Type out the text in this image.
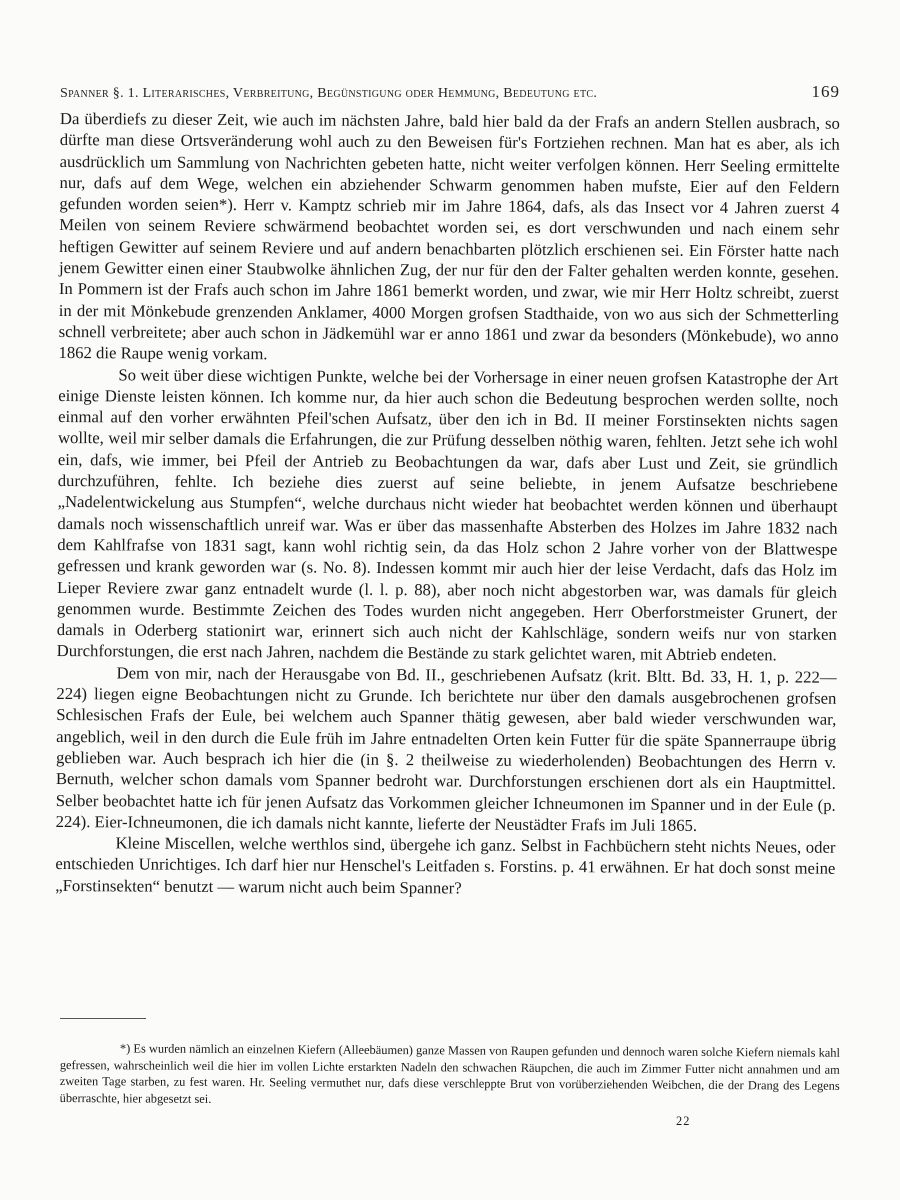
Spanner §. 1. Literarisches, Verbreitung, Begünstigung oder Hemmung, Bedeutung etc.	169

Da überdiefs zu dieser Zeit, wie auch im nächsten Jahre, bald hier bald da der Frafs an andern Stellen ausbrach, so dürfte man diese Ortsveränderung wohl auch zu den Beweisen für's Fortziehen rechnen. Man hat es aber, als ich ausdrücklich um Sammlung von Nachrichten gebeten hatte, nicht weiter verfolgen können. Herr Seeling ermittelte nur, dafs auf dem Wege, welchen ein abziehender Schwarm genommen haben mufste, Eier auf den Feldern gefunden worden seien*). Herr v. Kamptz schrieb mir im Jahre 1864, dafs, als das Insect vor 4 Jahren zuerst 4 Meilen von seinem Reviere schwärmend beobachtet worden sei, es dort verschwunden und nach einem sehr heftigen Gewitter auf seinem Reviere und auf andern benachbarten plötzlich erschienen sei. Ein Förster hatte nach jenem Gewitter einen einer Staubwolke ähnlichen Zug, der nur für den der Falter gehalten werden konnte, gesehen. In Pommern ist der Frafs auch schon im Jahre 1861 bemerkt worden, und zwar, wie mir Herr Holtz schreibt, zuerst in der mit Mönkebude grenzenden Anklamer, 4000 Morgen grofsen Stadthaide, von wo aus sich der Schmetterling schnell verbreitete; aber auch schon in Jädkemühl war er anno 1861 und zwar da besonders (Mönkebude), wo anno 1862 die Raupe wenig vorkam.

So weit über diese wichtigen Punkte, welche bei der Vorhersage in einer neuen grofsen Katastrophe der Art einige Dienste leisten können. Ich komme nur, da hier auch schon die Bedeutung besprochen werden sollte, noch einmal auf den vorher erwähnten Pfeil'schen Aufsatz, über den ich in Bd. II meiner Forstinsekten nichts sagen wollte, weil mir selber damals die Erfahrungen, die zur Prüfung desselben nöthig waren, fehlten. Jetzt sehe ich wohl ein, dafs, wie immer, bei Pfeil der Antrieb zu Beobachtungen da war, dafs aber Lust und Zeit, sie gründlich durchzuführen, fehlte. Ich beziehe dies zuerst auf seine beliebte, in jenem Aufsatze beschriebene „Nadelentwickelung aus Stumpfen“, welche durchaus nicht wieder hat beobachtet werden können und überhaupt damals noch wissenschaftlich unreif war. Was er über das massenhafte Absterben des Holzes im Jahre 1832 nach dem Kahlfrafse von 1831 sagt, kann wohl richtig sein, da das Holz schon 2 Jahre vorher von der Blattwespe gefressen und krank geworden war (s. No. 8). Indessen kommt mir auch hier der leise Verdacht, dafs das Holz im Lieper Reviere zwar ganz entnadelt wurde (l. l. p. 88), aber noch nicht abgestorben war, was damals für gleich genommen wurde. Bestimmte Zeichen des Todes wurden nicht angegeben. Herr Oberforstmeister Grunert, der damals in Oderberg stationirt war, erinnert sich auch nicht der Kahlschläge, sondern weifs nur von starken Durchforstungen, die erst nach Jahren, nachdem die Bestände zu stark gelichtet waren, mit Abtrieb endeten.

Dem von mir, nach der Herausgabe von Bd. II., geschriebenen Aufsatz (krit. Bltt. Bd. 33, H. 1, p. 222—224) liegen eigne Beobachtungen nicht zu Grunde. Ich berichtete nur über den damals ausgebrochenen grofsen Schlesischen Frafs der Eule, bei welchem auch Spanner thätig gewesen, aber bald wieder verschwunden war, angeblich, weil in den durch die Eule früh im Jahre entnadelten Orten kein Futter für die späte Spannerraupe übrig geblieben war. Auch besprach ich hier die (in §. 2 theilweise zu wiederholenden) Beobachtungen des Herrn v. Bernuth, welcher schon damals vom Spanner bedroht war. Durchforstungen erschienen dort als ein Hauptmittel. Selber beobachtet hatte ich für jenen Aufsatz das Vorkommen gleicher Ichneumonen im Spanner und in der Eule (p. 224). Eier-Ichneumonen, die ich damals nicht kannte, lieferte der Neustädter Frafs im Juli 1865.

Kleine Miscellen, welche werthlos sind, übergehe ich ganz. Selbst in Fachbüchern steht nichts Neues, oder entschieden Unrichtiges. Ich darf hier nur Henschel's Leitfaden s. Forstins. p. 41 erwähnen. Er hat doch sonst meine „Forstinsekten“ benutzt — warum nicht auch beim Spanner?

*) Es wurden nämlich an einzelnen Kiefern (Alleebäumen) ganze Massen von Raupen gefunden und dennoch waren solche Kiefern niemals kahl gefressen, wahrscheinlich weil die hier im vollen Lichte erstarkten Nadeln den schwachen Räupchen, die auch im Zimmer Futter nicht annahmen und am zweiten Tage starben, zu fest waren. Hr. Seeling vermuthet nur, dafs diese verschleppte Brut von vorüberziehenden Weibchen, die der Drang des Legens überraschte, hier abgesetzt sei.

22
